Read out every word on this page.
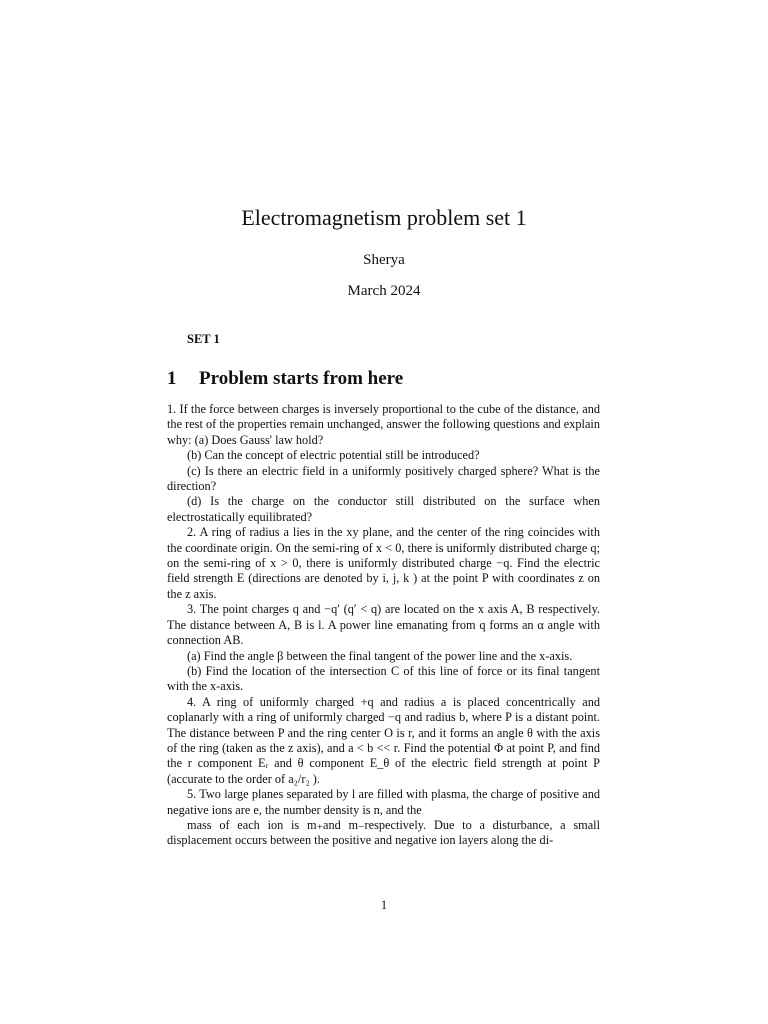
Electromagnetism problem set 1
Sherya
March 2024
SET 1
1 Problem starts from here

1. If the force between charges is inversely proportional to the cube of the distance, and the rest of the properties remain unchanged, answer the following questions and explain why: (a) Does Gauss' law hold?

(b) Can the concept of electric potential still be introduced?

(c) Is there an electric field in a uniformly positively charged sphere? What is the direction?

(d) Is the charge on the conductor still distributed on the surface when electrostatically equilibrated?

2. A ring of radius a lies in the xy plane, and the center of the ring coincides with the coordinate origin. On the semi-ring of x < 0, there is uniformly distributed charge q; on the semi-ring of x > 0, there is uniformly distributed charge −q. Find the electric field strength E (directions are denoted by i, j, k ) at the point P with coordinates z on the z axis.

3. The point charges q and −q′ (q′ < q) are located on the x axis A, B respectively. The distance between A, B is l. A power line emanating from q forms an α angle with connection AB.

(a) Find the angle β between the final tangent of the power line and the x-axis.

(b) Find the location of the intersection C of this line of force or its final tangent with the x-axis.

4. A ring of uniformly charged +q and radius a is placed concentrically and coplanarly with a ring of uniformly charged −q and radius b, where P is a distant point. The distance between P and the ring center O is r, and it forms an angle θ with the axis of the ring (taken as the z axis), and a < b << r. Find the potential Φ at point P, and find the r component Eᵣ and θ component E_θ of the electric field strength at point P (accurate to the order of a₂/r₂ ).

5. Two large planes separated by l are filled with plasma, the charge of positive and negative ions are e, the number density is n, and the

mass of each ion is m₊and m₋respectively. Due to a disturbance, a small displacement occurs between the positive and negative ion layers along the di-

1
